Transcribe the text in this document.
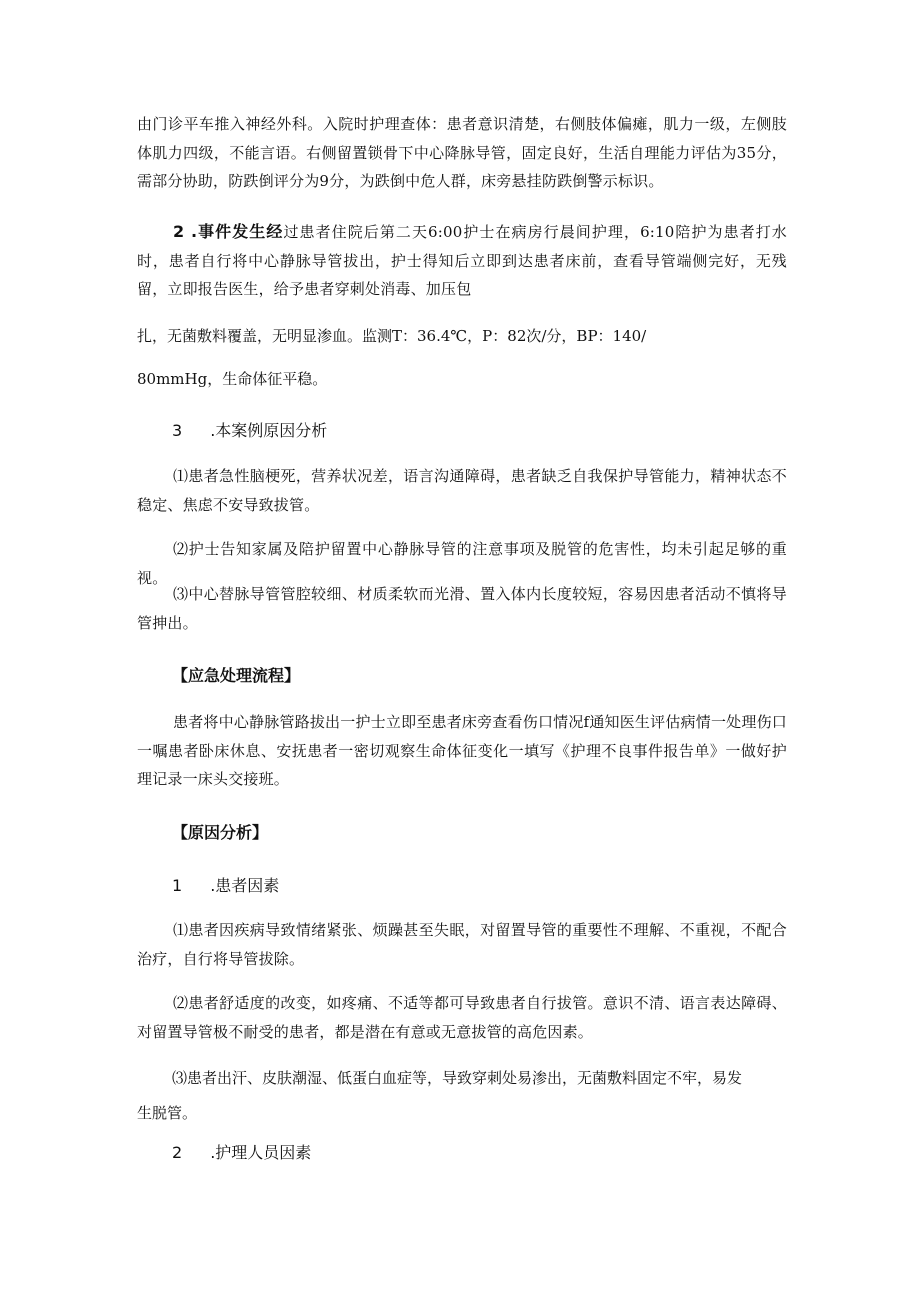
由门诊平车推入神经外科。入院时护理查体：患者意识清楚，右侧肢体偏瘫，肌力一级，左侧肢体肌力四级，不能言语。右侧留置锁骨下中心降脉导管，固定良好，生活自理能力评估为35分，需部分协助，防跌倒评分为9分，为跌倒中危人群，床旁悬挂防跌倒警示标识。

2 .事件发生经过患者住院后第二天6:00护士在病房行晨间护理，6:10陪护为患者打水时，患者自行将中心静脉导管拔出，护士得知后立即到达患者床前，查看导管端侧完好，无残留，立即报告医生，给予患者穿刺处消毒、加压包

扎，无菌敷料覆盖，无明显渗血。监测T：36.4℃，P：82次/分，BP：140/

80mmHg，生命体征平稳。

3 .本案例原因分析

⑴患者急性脑梗死，营养状况差，语言沟通障碍，患者缺乏自我保护导管能力，精神状态不稳定、焦虑不安导致拔管。

⑵护士告知家属及陪护留置中心静脉导管的注意事项及脱管的危害性，均未引起足够的重视。

⑶中心替脉导管管腔较细、材质柔软而光滑、置入体内长度较短，容易因患者活动不慎将导管抻出。

【应急处理流程】

患者将中心静脉管路拔出一护士立即至患者床旁查看伤口情况f通知医生评估病情一处理伤口一嘱患者卧床休息、安抚患者一密切观察生命体征变化一填写《护理不良事件报告单》一做好护理记录一床头交接班。

【原因分析】

1 .患者因素

⑴患者因疾病导致情绪紧张、烦躁甚至失眠，对留置导管的重要性不理解、不重视，不配合治疗，自行将导管拔除。

⑵患者舒适度的改变，如疼痛、不适等都可导致患者自行拔管。意识不清、语言表达障碍、对留置导管极不耐受的患者，都是潜在有意或无意拔管的高危因素。

⑶患者出汗、皮肤潮湿、低蛋白血症等，导致穿刺处易渗出，无菌敷料固定不牢，易发

生脱管。

2 .护理人员因素
